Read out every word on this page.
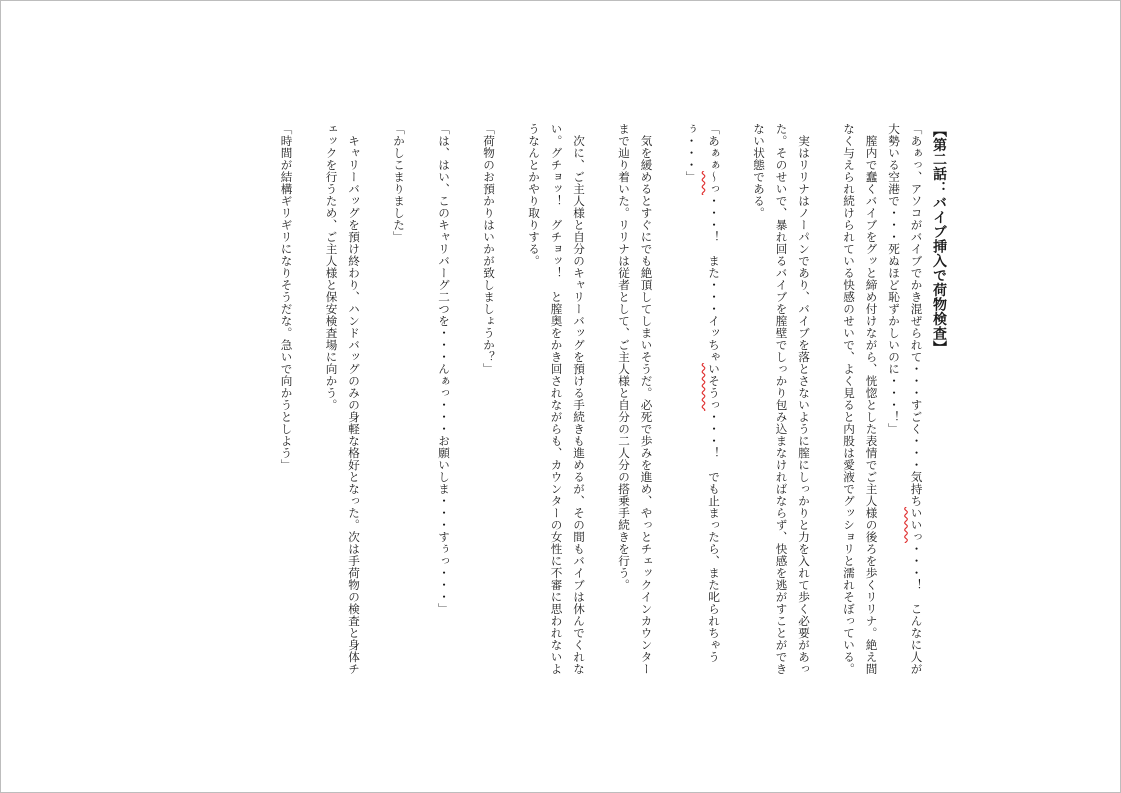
【第二話：バイブ挿入で荷物検査】

「あぁっ、アソコがバイブでかき混ぜられて・・・すごく・・・気持ちいいっ・・・！　こんなに人が大勢いる空港で・・・死ぬほど恥ずかしいのに・・・！」

膣内で蠢くバイブをグッと締め付けながら、恍惚とした表情でご主人様の後ろを歩くリリナ。絶え間なく与えられ続けられている快感のせいで、よく見ると内股は愛液でグッショリと濡れそぼっている。

実はリリナはノーパンであり、バイブを落とさないように膣にしっかりと力を入れて歩く必要があった。そのせいで、暴れ回るバイブを膣壁でしっかり包み込まなければならず、快感を逃がすことができない状態である。

「あぁぁ〜っ・・・！　また・・・イッちゃいそうっ・・・！　でも止まったら、また叱られちゃうぅ・・・」

気を緩めるとすぐにでも絶頂してしまいそうだ。必死で歩みを進め、やっとチェックインカウンターまで辿り着いた。リリナは従者として、ご主人様と自分の二人分の搭乗手続きを行う。

次に、ご主人様と自分のキャリーバッグを預ける手続きも進めるが、その間もバイブは休んでくれない。グチョッ！　グチョッ！　と膣奥をかき回されながらも、カウンターの女性に不審に思われないようなんとかやり取りする。

「荷物のお預かりはいかが致しましょうか？」

「は、はい、このキャリバーグ二つを・・・んぁっ・・・お願いしま・・・すぅっ・・・」

「かしこまりました」

キャリーバッグを預け終わり、ハンドバッグのみの身軽な格好となった。次は手荷物の検査と身体チェックを行うため、ご主人様と保安検査場に向かう。

「時間が結構ギリギリになりそうだな。急いで向かうとしよう」
